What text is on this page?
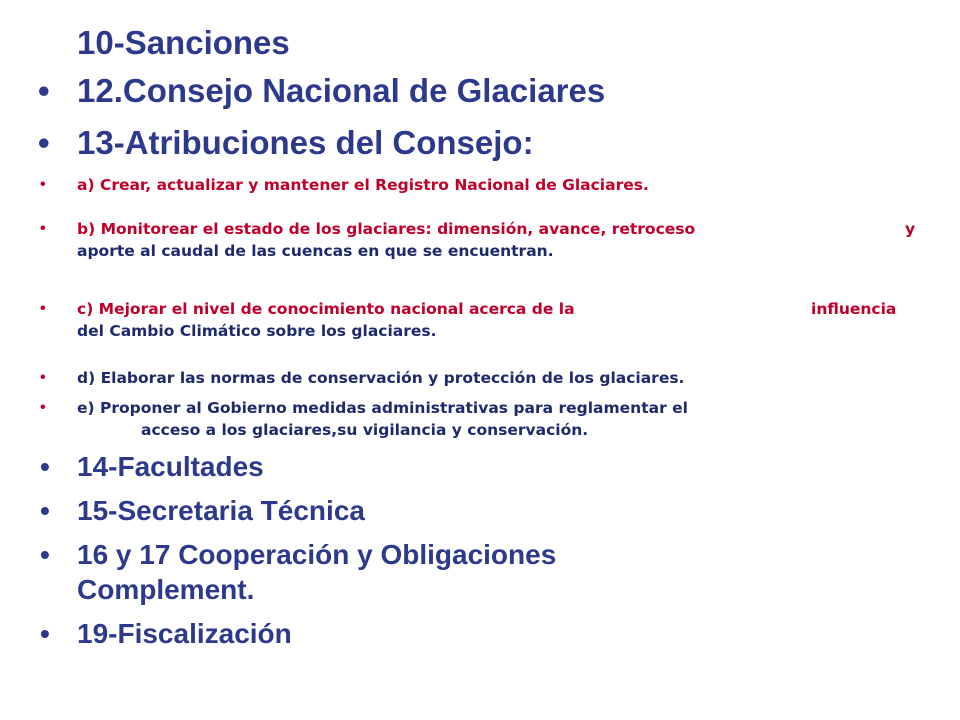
10-Sanciones
• 12.Consejo Nacional de Glaciares
• 13-Atribuciones del Consejo:
• a) Crear, actualizar y mantener el Registro Nacional de Glaciares.
• b) Monitorear el estado de los glaciares: dimensión, avance, retroceso	y
aporte al caudal de las cuencas en que se encuentran.
• c) Mejorar el nivel de conocimiento nacional acerca de la	influencia
del Cambio Climático sobre los glaciares.
• d) Elaborar las normas de conservación y protección de los glaciares.
• e) Proponer al Gobierno medidas administrativas para reglamentar el
acceso a los glaciares,su vigilancia y conservación.
• 14-Facultades
• 15-Secretaria Técnica
• 16 y 17 Cooperación y Obligaciones
Complement.
• 19-Fiscalización
